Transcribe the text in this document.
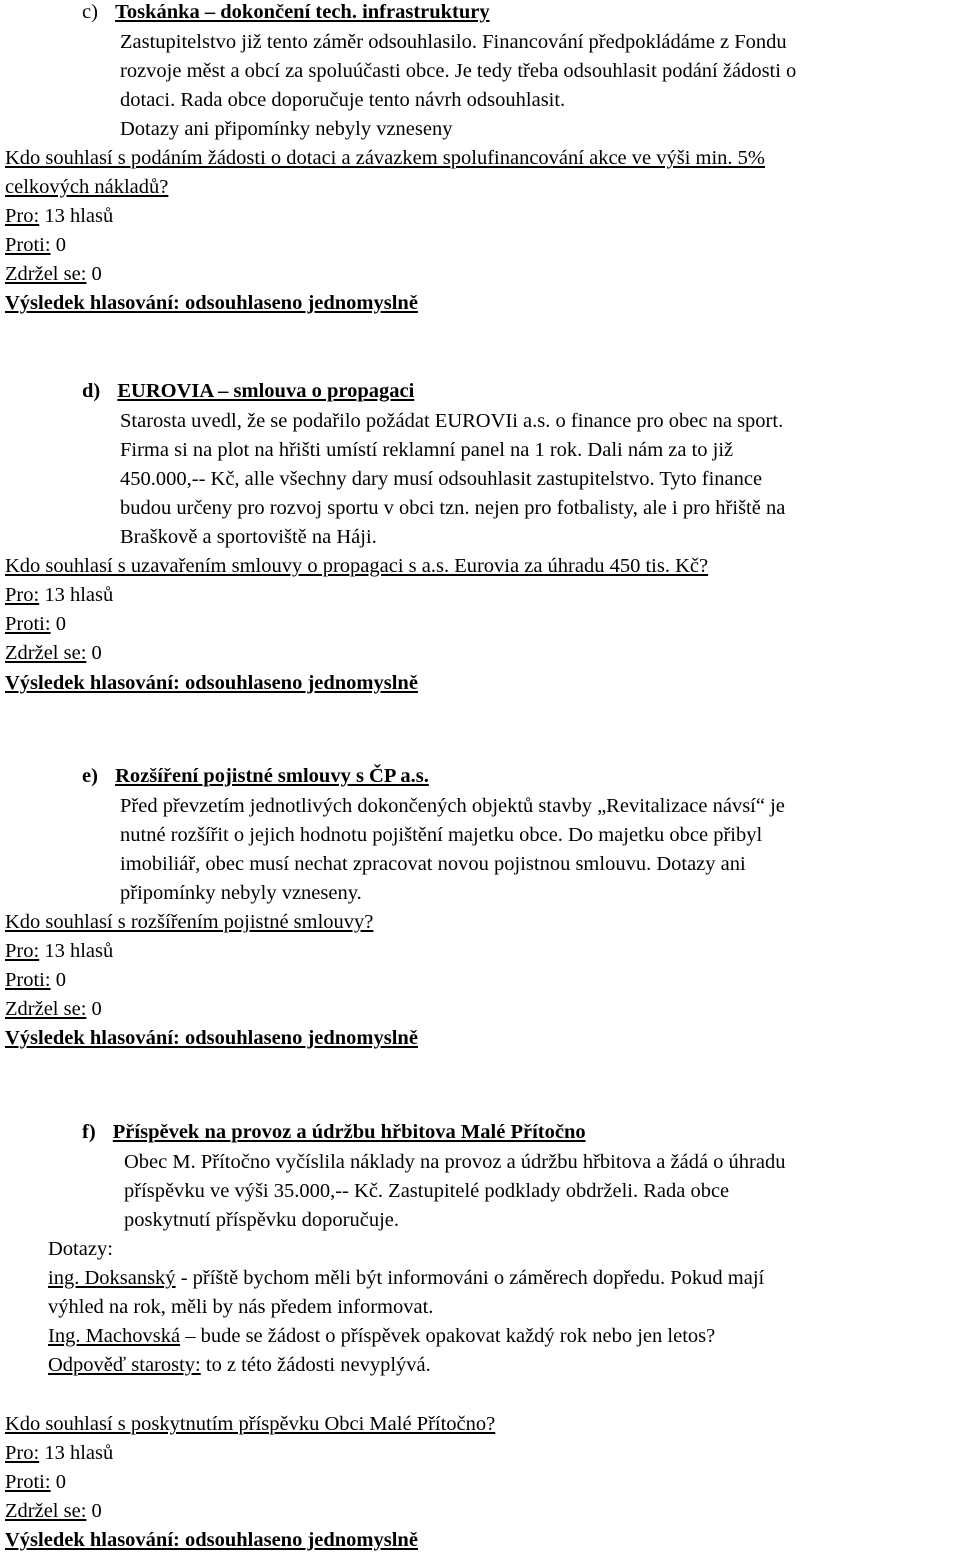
c) Toskánka – dokončení tech. infrastruktury
Zastupitelstvo již tento záměr odsouhlasilo. Financování předpokládáme z Fondu
rozvoje měst a obcí za spoluúčasti obce. Je tedy třeba odsouhlasit podání žádosti o
dotaci. Rada obce doporučuje tento návrh odsouhlasit.
Dotazy ani připomínky nebyly vzneseny
Kdo souhlasí s podáním žádosti o dotaci a závazkem spolufinancování akce ve výši min. 5%
celkových nákladů?
Pro: 13 hlasů
Proti: 0
Zdržel se: 0
Výsledek hlasování: odsouhlaseno jednomyslně
d) EUROVIA – smlouva o propagaci
Starosta uvedl, že se podařilo požádat EUROVIi a.s. o finance pro obec na sport.
Firma si na plot na hřišti umístí reklamní panel na 1 rok. Dali nám za to již
450.000,-- Kč, alle všechny dary musí odsouhlasit zastupitelstvo. Tyto finance
budou určeny pro rozvoj sportu v obci tzn. nejen pro fotbalisty, ale i pro hřiště na
Braškově a sportoviště na Háji.
Kdo souhlasí s uzavařením smlouvy o propagaci s a.s. Eurovia za úhradu 450 tis. Kč?
Pro: 13 hlasů
Proti: 0
Zdržel se: 0
Výsledek hlasování: odsouhlaseno jednomyslně
e) Rozšíření pojistné smlouvy s ČP a.s.
Před převzetím jednotlivých dokončených objektů stavby „Revitalizace návsí“ je
nutné rozšířit o jejich hodnotu pojištění majetku obce. Do majetku obce přibyl
imobiliář, obec musí nechat zpracovat novou pojistnou smlouvu. Dotazy ani
připomínky nebyly vzneseny.
Kdo souhlasí s rozšířením pojistné smlouvy?
Pro: 13 hlasů
Proti: 0
Zdržel se: 0
Výsledek hlasování: odsouhlaseno jednomyslně
f) Příspěvek na provoz a údržbu hřbitova Malé Přítočno
Obec M. Přítočno vyčíslila náklady na provoz a údržbu hřbitova a žádá o úhradu
příspěvku ve výši 35.000,-- Kč. Zastupitelé podklady obdrželi. Rada obce
poskytnutí příspěvku doporučuje.
Dotazy:
ing. Doksanský - příště bychom měli být informováni o záměrech dopředu. Pokud mají
výhled na rok, měli by nás předem informovat.
Ing. Machovská – bude se žádost o příspěvek opakovat každý rok nebo jen letos?
Odpověď starosty: to z této žádosti nevyplývá.
Kdo souhlasí s poskytnutím příspěvku Obci Malé Přítočno?
Pro: 13 hlasů
Proti: 0
Zdržel se: 0
Výsledek hlasování: odsouhlaseno jednomyslně
